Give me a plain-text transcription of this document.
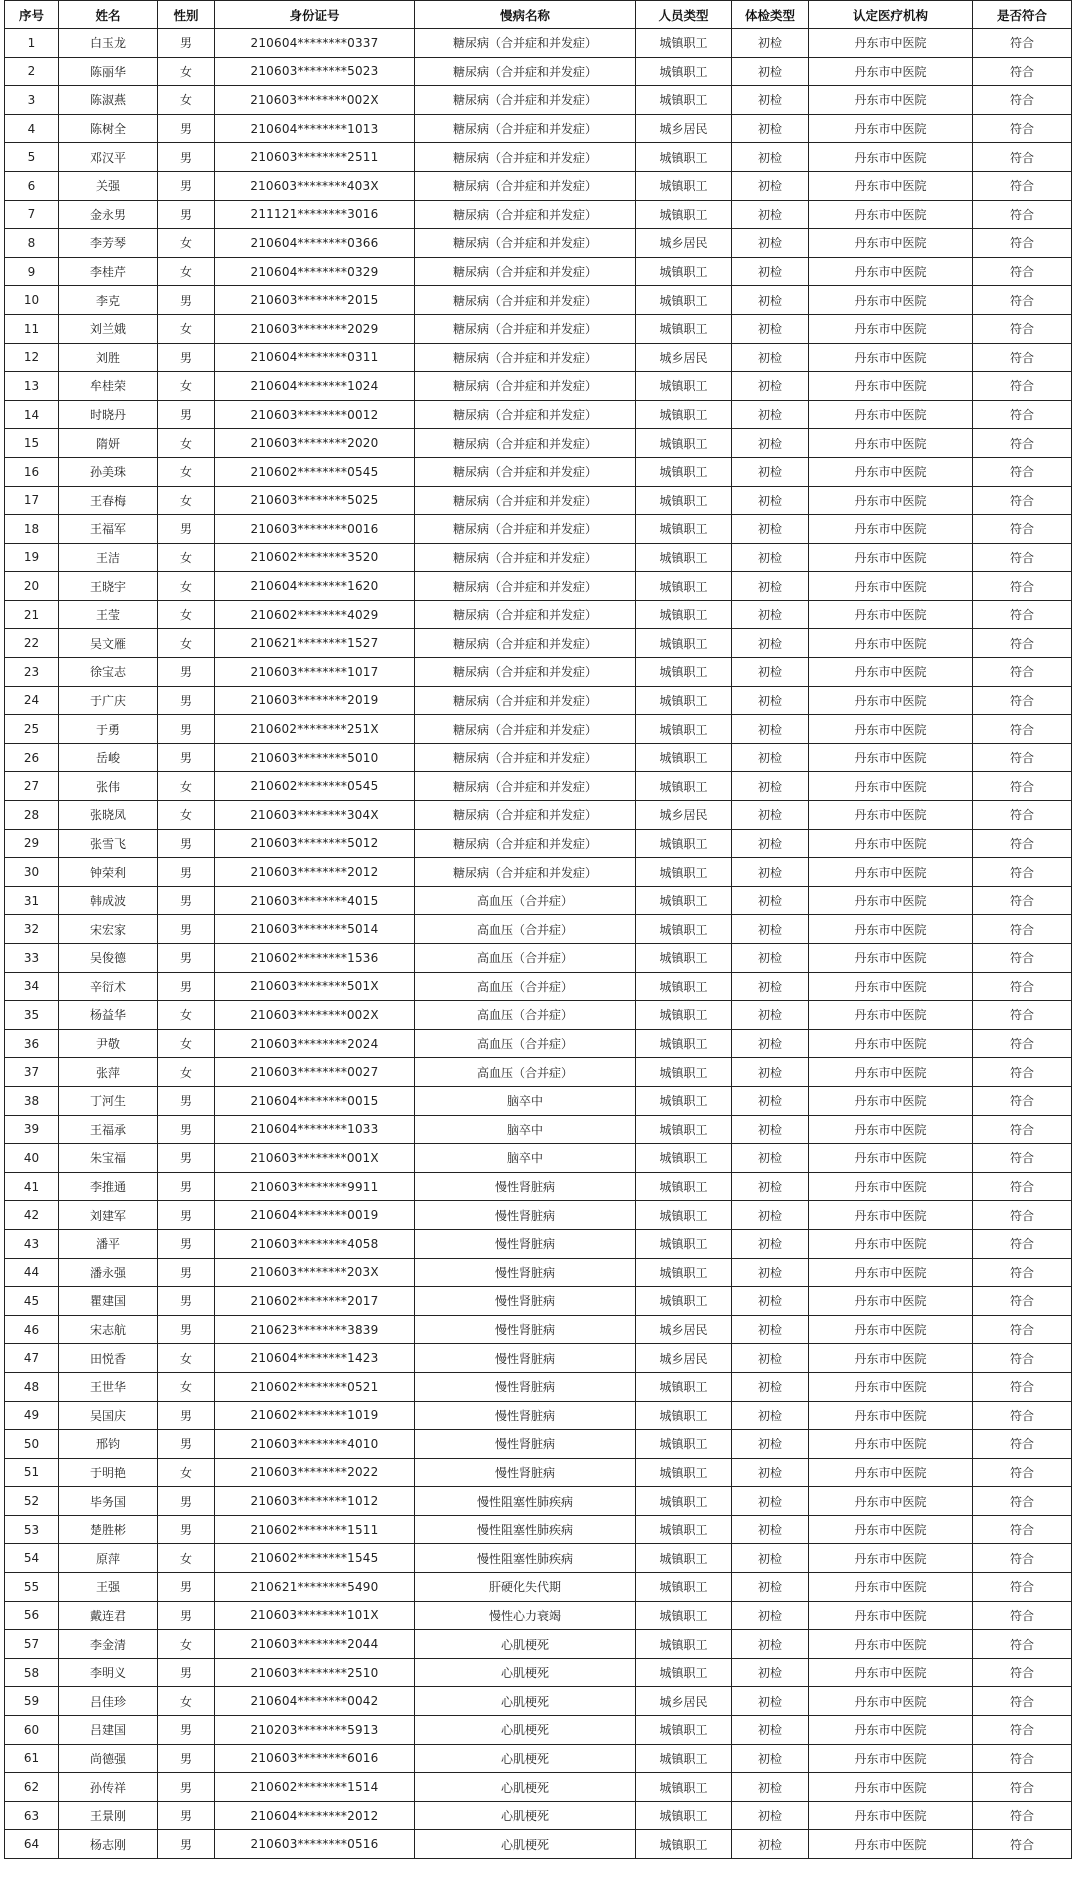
序号	姓名	性别	身份证号	慢病名称	人员类型	体检类型	认定医疗机构	是否符合
1	白玉龙	男	210604********0337	糖尿病（合并症和并发症）	城镇职工	初检	丹东市中医院	符合
2	陈丽华	女	210603********5023	糖尿病（合并症和并发症）	城镇职工	初检	丹东市中医院	符合
3	陈淑燕	女	210603********002X	糖尿病（合并症和并发症）	城镇职工	初检	丹东市中医院	符合
4	陈树全	男	210604********1013	糖尿病（合并症和并发症）	城乡居民	初检	丹东市中医院	符合
5	邓汉平	男	210603********2511	糖尿病（合并症和并发症）	城镇职工	初检	丹东市中医院	符合
6	关强	男	210603********403X	糖尿病（合并症和并发症）	城镇职工	初检	丹东市中医院	符合
7	金永男	男	211121********3016	糖尿病（合并症和并发症）	城镇职工	初检	丹东市中医院	符合
8	李芳琴	女	210604********0366	糖尿病（合并症和并发症）	城乡居民	初检	丹东市中医院	符合
9	李桂芹	女	210604********0329	糖尿病（合并症和并发症）	城镇职工	初检	丹东市中医院	符合
10	李克	男	210603********2015	糖尿病（合并症和并发症）	城镇职工	初检	丹东市中医院	符合
11	刘兰娥	女	210603********2029	糖尿病（合并症和并发症）	城镇职工	初检	丹东市中医院	符合
12	刘胜	男	210604********0311	糖尿病（合并症和并发症）	城乡居民	初检	丹东市中医院	符合
13	牟桂荣	女	210604********1024	糖尿病（合并症和并发症）	城镇职工	初检	丹东市中医院	符合
14	时晓丹	男	210603********0012	糖尿病（合并症和并发症）	城镇职工	初检	丹东市中医院	符合
15	隋妍	女	210603********2020	糖尿病（合并症和并发症）	城镇职工	初检	丹东市中医院	符合
16	孙美珠	女	210602********0545	糖尿病（合并症和并发症）	城镇职工	初检	丹东市中医院	符合
17	王春梅	女	210603********5025	糖尿病（合并症和并发症）	城镇职工	初检	丹东市中医院	符合
18	王福军	男	210603********0016	糖尿病（合并症和并发症）	城镇职工	初检	丹东市中医院	符合
19	王洁	女	210602********3520	糖尿病（合并症和并发症）	城镇职工	初检	丹东市中医院	符合
20	王晓宇	女	210604********1620	糖尿病（合并症和并发症）	城镇职工	初检	丹东市中医院	符合
21	王莹	女	210602********4029	糖尿病（合并症和并发症）	城镇职工	初检	丹东市中医院	符合
22	吴文雁	女	210621********1527	糖尿病（合并症和并发症）	城镇职工	初检	丹东市中医院	符合
23	徐宝志	男	210603********1017	糖尿病（合并症和并发症）	城镇职工	初检	丹东市中医院	符合
24	于广庆	男	210603********2019	糖尿病（合并症和并发症）	城镇职工	初检	丹东市中医院	符合
25	于勇	男	210602********251X	糖尿病（合并症和并发症）	城镇职工	初检	丹东市中医院	符合
26	岳峻	男	210603********5010	糖尿病（合并症和并发症）	城镇职工	初检	丹东市中医院	符合
27	张伟	女	210602********0545	糖尿病（合并症和并发症）	城镇职工	初检	丹东市中医院	符合
28	张晓凤	女	210603********304X	糖尿病（合并症和并发症）	城乡居民	初检	丹东市中医院	符合
29	张雪飞	男	210603********5012	糖尿病（合并症和并发症）	城镇职工	初检	丹东市中医院	符合
30	钟荣利	男	210603********2012	糖尿病（合并症和并发症）	城镇职工	初检	丹东市中医院	符合
31	韩成波	男	210603********4015	高血压（合并症）	城镇职工	初检	丹东市中医院	符合
32	宋宏家	男	210603********5014	高血压（合并症）	城镇职工	初检	丹东市中医院	符合
33	吴俊德	男	210602********1536	高血压（合并症）	城镇职工	初检	丹东市中医院	符合
34	辛衍术	男	210603********501X	高血压（合并症）	城镇职工	初检	丹东市中医院	符合
35	杨益华	女	210603********002X	高血压（合并症）	城镇职工	初检	丹东市中医院	符合
36	尹敬	女	210603********2024	高血压（合并症）	城镇职工	初检	丹东市中医院	符合
37	张萍	女	210603********0027	高血压（合并症）	城镇职工	初检	丹东市中医院	符合
38	丁河生	男	210604********0015	脑卒中	城镇职工	初检	丹东市中医院	符合
39	王福承	男	210604********1033	脑卒中	城镇职工	初检	丹东市中医院	符合
40	朱宝福	男	210603********001X	脑卒中	城镇职工	初检	丹东市中医院	符合
41	李推通	男	210603********9911	慢性肾脏病	城镇职工	初检	丹东市中医院	符合
42	刘建军	男	210604********0019	慢性肾脏病	城镇职工	初检	丹东市中医院	符合
43	潘平	男	210603********4058	慢性肾脏病	城镇职工	初检	丹东市中医院	符合
44	潘永强	男	210603********203X	慢性肾脏病	城镇职工	初检	丹东市中医院	符合
45	瞿建国	男	210602********2017	慢性肾脏病	城镇职工	初检	丹东市中医院	符合
46	宋志航	男	210623********3839	慢性肾脏病	城乡居民	初检	丹东市中医院	符合
47	田悦香	女	210604********1423	慢性肾脏病	城乡居民	初检	丹东市中医院	符合
48	王世华	女	210602********0521	慢性肾脏病	城镇职工	初检	丹东市中医院	符合
49	吴国庆	男	210602********1019	慢性肾脏病	城镇职工	初检	丹东市中医院	符合
50	邢钧	男	210603********4010	慢性肾脏病	城镇职工	初检	丹东市中医院	符合
51	于明艳	女	210603********2022	慢性肾脏病	城镇职工	初检	丹东市中医院	符合
52	毕务国	男	210603********1012	慢性阻塞性肺疾病	城镇职工	初检	丹东市中医院	符合
53	楚胜彬	男	210602********1511	慢性阻塞性肺疾病	城镇职工	初检	丹东市中医院	符合
54	原萍	女	210602********1545	慢性阻塞性肺疾病	城镇职工	初检	丹东市中医院	符合
55	王强	男	210621********5490	肝硬化失代期	城镇职工	初检	丹东市中医院	符合
56	戴连君	男	210603********101X	慢性心力衰竭	城镇职工	初检	丹东市中医院	符合
57	李金清	女	210603********2044	心肌梗死	城镇职工	初检	丹东市中医院	符合
58	李明义	男	210603********2510	心肌梗死	城镇职工	初检	丹东市中医院	符合
59	吕佳珍	女	210604********0042	心肌梗死	城乡居民	初检	丹东市中医院	符合
60	吕建国	男	210203********5913	心肌梗死	城镇职工	初检	丹东市中医院	符合
61	尚德强	男	210603********6016	心肌梗死	城镇职工	初检	丹东市中医院	符合
62	孙传祥	男	210602********1514	心肌梗死	城镇职工	初检	丹东市中医院	符合
63	王景刚	男	210604********2012	心肌梗死	城镇职工	初检	丹东市中医院	符合
64	杨志刚	男	210603********0516	心肌梗死	城镇职工	初检	丹东市中医院	符合
